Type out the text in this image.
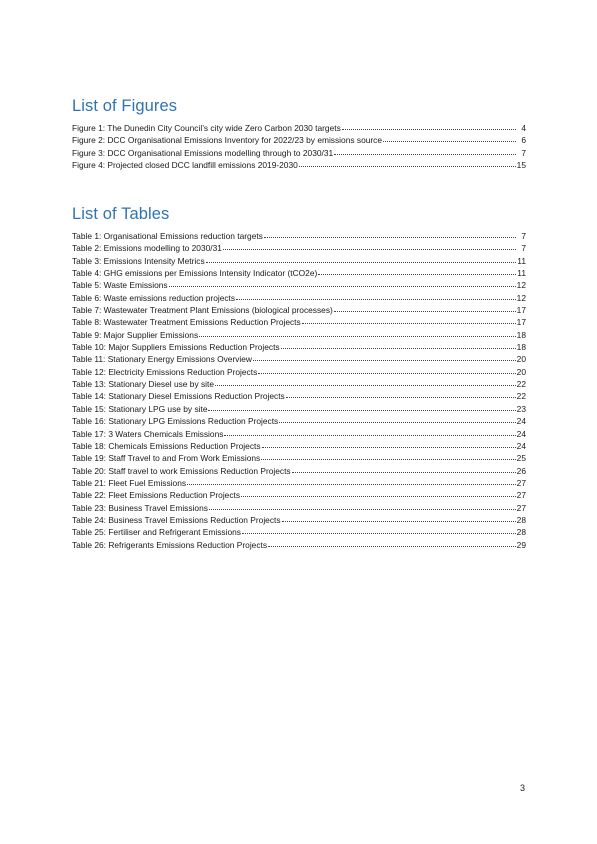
List of Figures
Figure 1: The Dunedin City Council’s city wide Zero Carbon 2030 targets	4
Figure 2: DCC Organisational Emissions Inventory for 2022/23 by emissions source	6
Figure 3: DCC Organisational Emissions modelling through to 2030/31	7
Figure 4: Projected closed DCC landfill emissions 2019-2030	15
List of Tables
Table 1: Organisational Emissions reduction targets	7
Table 2: Emissions modelling to 2030/31	7
Table 3: Emissions Intensity Metrics	11
Table 4: GHG emissions per Emissions Intensity Indicator (tCO2e)	11
Table 5: Waste Emissions	12
Table 6: Waste emissions reduction projects	12
Table 7: Wastewater Treatment Plant Emissions (biological processes)	17
Table 8: Wastewater Treatment Emissions Reduction Projects	17
Table 9: Major Supplier Emissions	18
Table 10: Major Suppliers Emissions Reduction Projects	18
Table 11: Stationary Energy Emissions Overview	20
Table 12: Electricity Emissions Reduction Projects	20
Table 13: Stationary Diesel use by site	22
Table 14: Stationary Diesel Emissions Reduction Projects	22
Table 15: Stationary LPG use by site	23
Table 16: Stationary LPG Emissions Reduction Projects	24
Table 17: 3 Waters Chemicals Emissions	24
Table 18: Chemicals Emissions Reduction Projects	24
Table 19: Staff Travel to and From Work Emissions	25
Table 20: Staff travel to work Emissions Reduction Projects	26
Table 21: Fleet Fuel Emissions	27
Table 22: Fleet Emissions Reduction Projects	27
Table 23: Business Travel Emissions	27
Table 24: Business Travel Emissions Reduction Projects	28
Table 25: Fertiliser and Refrigerant Emissions	28
Table 26: Refrigerants Emissions Reduction Projects	29
3
